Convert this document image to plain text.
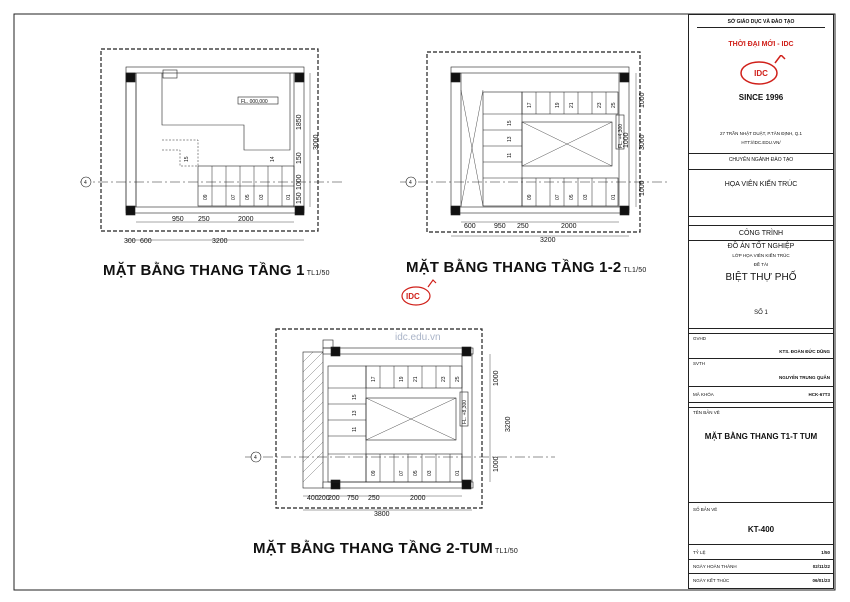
FL. 000,000
950 250	2000
300 600	3200
1850
3000
150
1000
150
15	14
09	07 05 03	01
4
FL. +4,300
600	950 250	2000
3200
1000
1000 3000
1000
17	19 21	23 25
15
13
11
09	07 05 03	01
4
FL. +8,300
400 200
200 750 250	2000
3800
1000
3200
1000
17	19 21	23 25
15
13
11
09	07 05 03	01
4
IDC
MẶT BẰNG THANG TẦNG 1 TL1/50	MẶT BẰNG THANG TẦNG 1-2 TL1/50
MẶT BẰNG THANG TẦNG 2-TUM TL1/50
idc.edu.vn
SỞ GIÁO DỤC VÀ ĐÀO TẠO
THỜI ĐẠI MỚI - IDC
IDC
SINCE 1996
27 TRẦN NHẬT DUẬT, P.TÂN ĐỊNH, Q.1
HTT://IDC.EDU.VN/
CHUYÊN NGÀNH ĐÀO TẠO
HỌA VIÊN KIẾN TRÚC
CÔNG TRÌNH
ĐỒ ÁN TỐT NGHIỆP
LỚP HỌA VIÊN KIẾN TRÚC
ĐỀ TÀI
BIỆT THỰ PHỐ
SỐ 1
GVHD
KTS. ĐOÀN ĐỨC DŨNG
SVTH
NGUYỄN TRUNG QUÂN
MÃ KHÓA	HCK-67T3
TÊN BẢN VẼ
MẶT BẰNG THANG T1-T TUM
SỐ BẢN VẼ
KT-400
TỶ LỆ	1/50
NGÀY HOÀN THÀNH	02/11/22
NGÀY KẾT THÚC	06/01/23
